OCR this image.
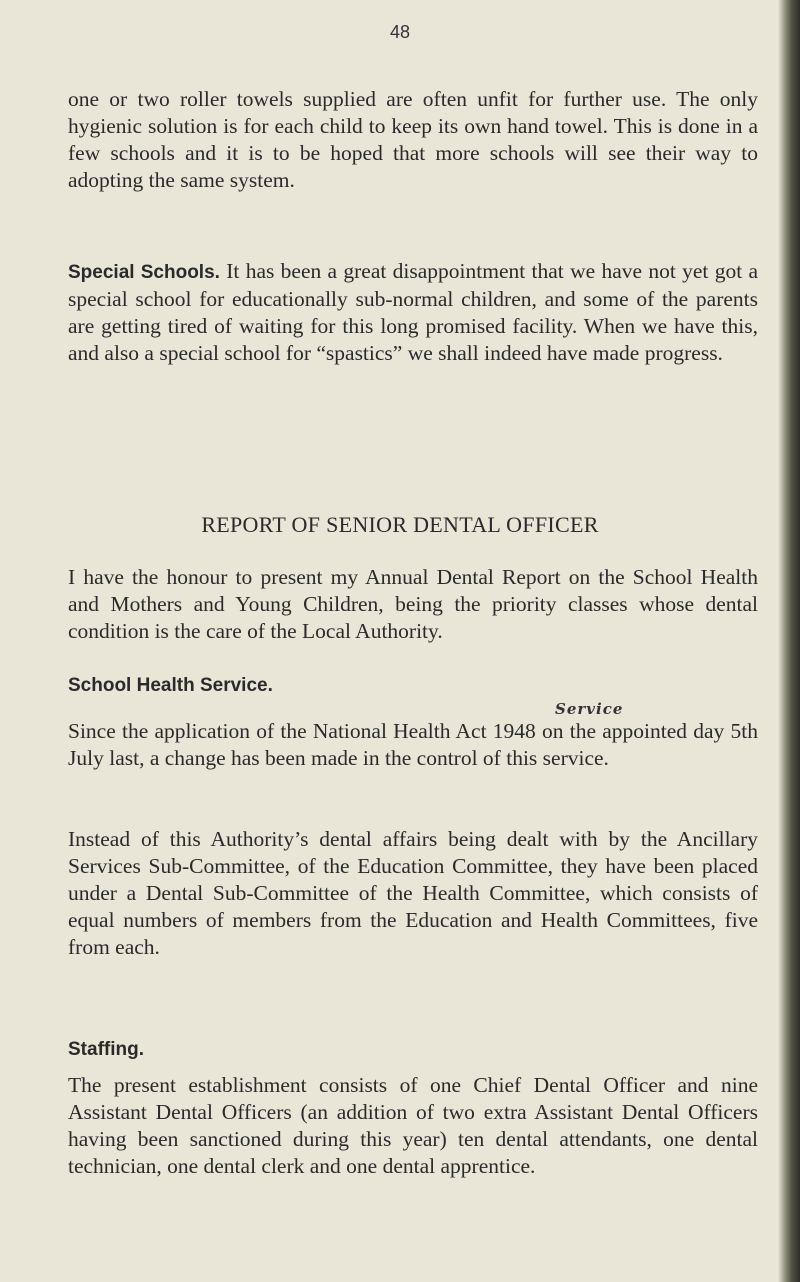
48

one or two roller towels supplied are often unfit for further use. The only hygienic solution is for each child to keep its own hand towel. This is done in a few schools and it is to be hoped that more schools will see their way to adopting the same system.

Special Schools. It has been a great disappointment that we have not yet got a special school for educationally sub-normal children, and some of the parents are getting tired of waiting for this long promised facility. When we have this, and also a special school for “spastics” we shall indeed have made progress.

REPORT OF SENIOR DENTAL OFFICER

I have the honour to present my Annual Dental Report on the School Health and Mothers and Young Children, being the priority classes whose dental condition is the care of the Local Authority.

School Health Service.
Service

Since the application of the National Health Act 1948 on the appointed day 5th July last, a change has been made in the control of this service.

Instead of this Authority’s dental affairs being dealt with by the Ancillary Services Sub-Committee, of the Education Committee, they have been placed under a Dental Sub-Committee of the Health Committee, which consists of equal numbers of members from the Education and Health Committees, five from each.

Staffing.

The present establishment consists of one Chief Dental Officer and nine Assistant Dental Officers (an addition of two extra Assistant Dental Officers having been sanctioned during this year) ten dental attendants, one dental technician, one dental clerk and one dental apprentice.
